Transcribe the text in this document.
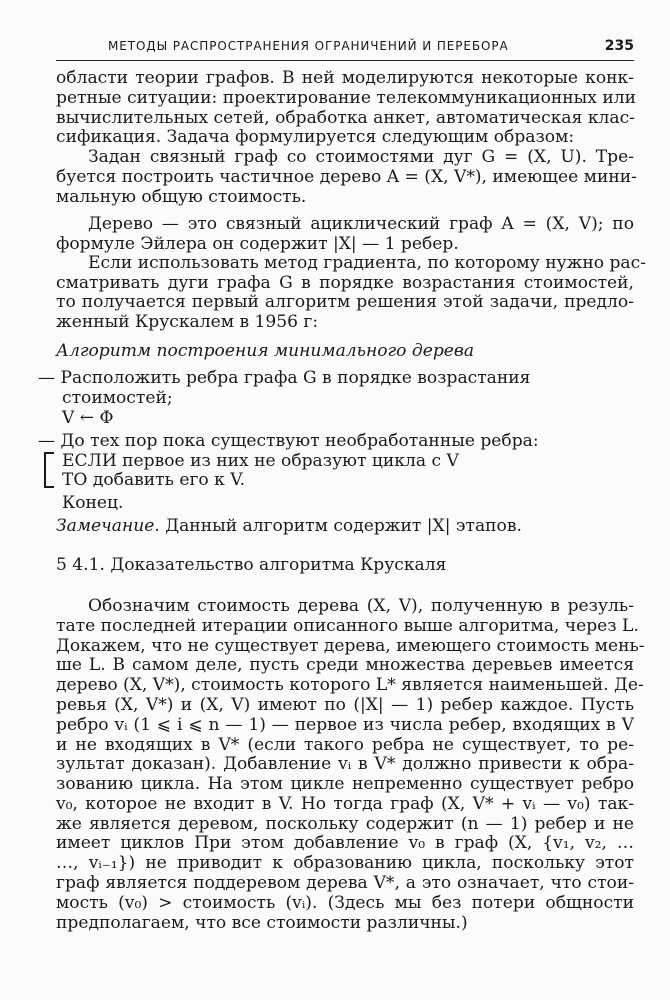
МЕТОДЫ РАСПРОСТРАНЕНИЯ ОГРАНИЧЕНИЙ И ПЕРЕБОРА	235
области теории графов. В ней моделируются некоторые конк-
ретные ситуации: проектирование телекоммуникационных или
вычислительных сетей, обработка анкет, автоматическая клас-
сификация. Задача формулируется следующим образом:
Задан связный граф со стоимостями дуг G = (X, U). Тре-
буется построить частичное дерево A = (X, V*), имеющее мини-
мальную общую стоимость.
Дерево — это связный ациклический граф A = (X, V); по
формуле Эйлера он содержит |X| — 1 ребер.
Если использовать метод градиента, по которому нужно рас-
сматривать дуги графа G в порядке возрастания стоимостей,
то получается первый алгоритм решения этой задачи, предло-
женный Крускалем в 1956 г:
Алгоритм построения минимального дерева
— Расположить ребра графа G в порядке возрастания
стоимостей;
V ← Φ
— До тех пор пока существуют необработанные ребра:
ЕСЛИ первое из них не образуют цикла с V
ТО добавить его к V.
Конец.
Замечание. Данный алгоритм содержит |X| этапов.
5 4.1. Доказательство алгоритма Крускаля
Обозначим стоимость дерева (X, V), полученную в резуль-
тате последней итерации описанного выше алгоритма, через L.
Докажем, что не существует дерева, имеющего стоимость мень-
ше L. В самом деле, пусть среди множества деревьев имеется
дерево (X, V*), стоимость которого L* является наименьшей. Де-
ревья (X, V*) и (X, V) имеют по (|X| — 1) ребер каждое. Пусть
ребро vᵢ (1 ⩽ i ⩽ n — 1) — первое из числа ребер, входящих в V
и не входящих в V* (если такого ребра не существует, то ре-
зультат доказан). Добавление vᵢ в V* должно привести к обра-
зованию цикла. На этом цикле непременно существует ребро
v₀, которое не входит в V. Но тогда граф (X, V* + vᵢ — v₀) так-
же является деревом, поскольку содержит (n — 1) ребер и не
имеет циклов При этом добавление v₀ в граф (X, {v₁, v₂, …
…, vᵢ₋₁}) не приводит к образованию цикла, поскольку этот
граф является поддеревом дерева V*, а это означает, что стои-
мость (v₀) > стоимость (vᵢ). (Здесь мы без потери общности
предполагаем, что все стоимости различны.)
